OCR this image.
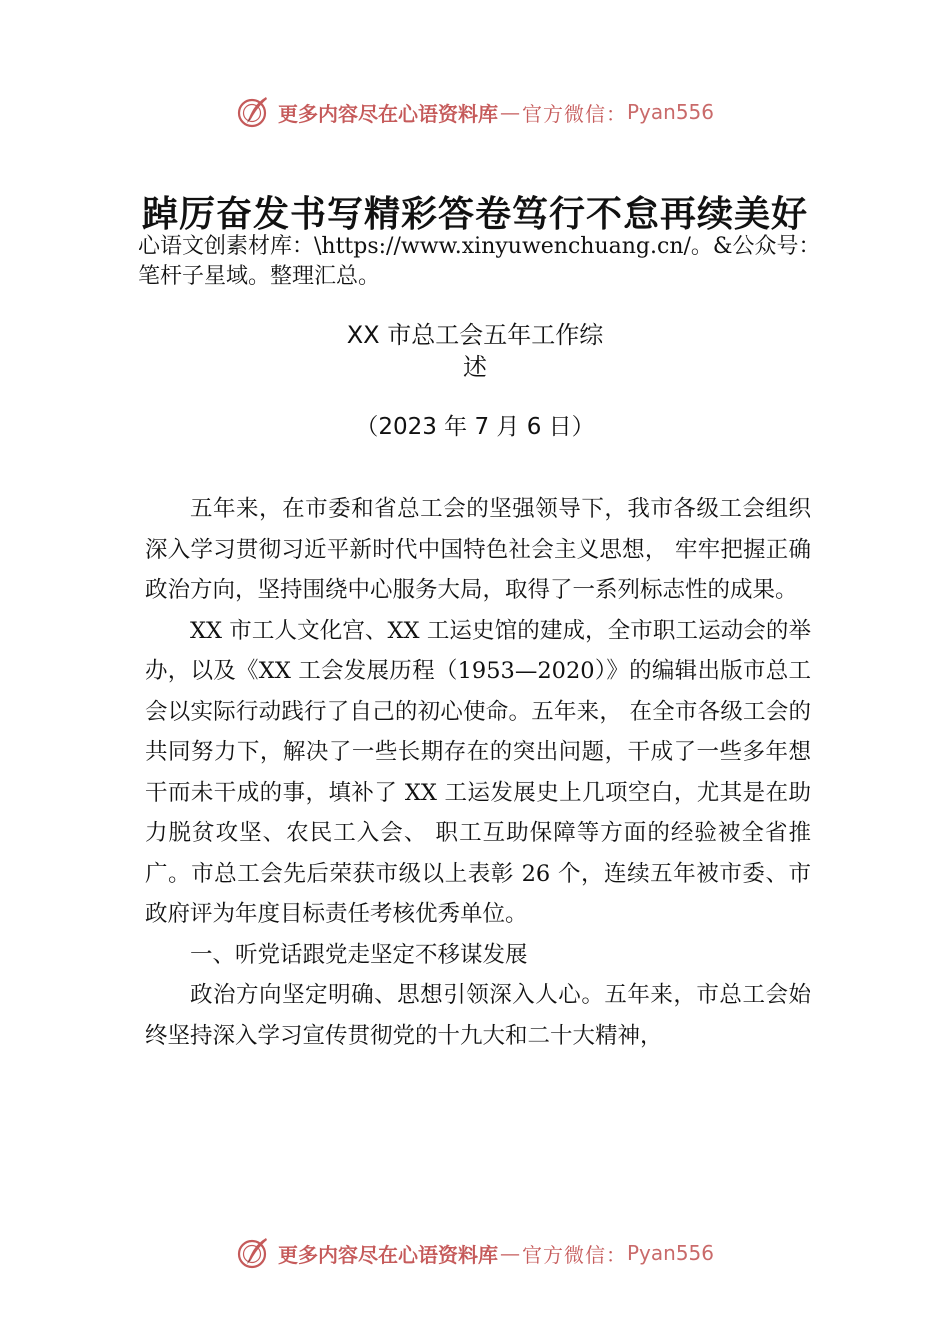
更多内容尽在心语资料库 — 官方微信： Pyan556
踔厉奋发书写精彩答卷笃行不怠再续美好
心语文创素材库：\https://www.xinyuwenchuang.cn/。&公众号：笔杆子星域。整理汇总。
XX 市总工会五年工作综
述
（2023 年 7 月 6 日）

五年来，在市委和省总工会的坚强领导下，我市各级工会组织深入学习贯彻习近平新时代中国特色社会主义思想， 牢牢把握正确政治方向，坚持围绕中心服务大局，取得了一系列标志性的成果。

XX 市工人文化宫、XX 工运史馆的建成，全市职工运动会的举办，以及《XX 工会发展历程（1953—2020）》的编辑出版市总工会以实际行动践行了自己的初心使命。五年来， 在全市各级工会的共同努力下，解决了一些长期存在的突出问题，干成了一些多年想干而未干成的事，填补了 XX 工运发展史上几项空白，尤其是在助力脱贫攻坚、农民工入会、 职工互助保障等方面的经验被全省推广。市总工会先后荣获市级以上表彰 26 个，连续五年被市委、市政府评为年度目标责任考核优秀单位。

一、听党话跟党走坚定不移谋发展

政治方向坚定明确、思想引领深入人心。五年来，市总工会始终坚持深入学习宣传贯彻党的十九大和二十大精神，

更多内容尽在心语资料库 — 官方微信： Pyan556
